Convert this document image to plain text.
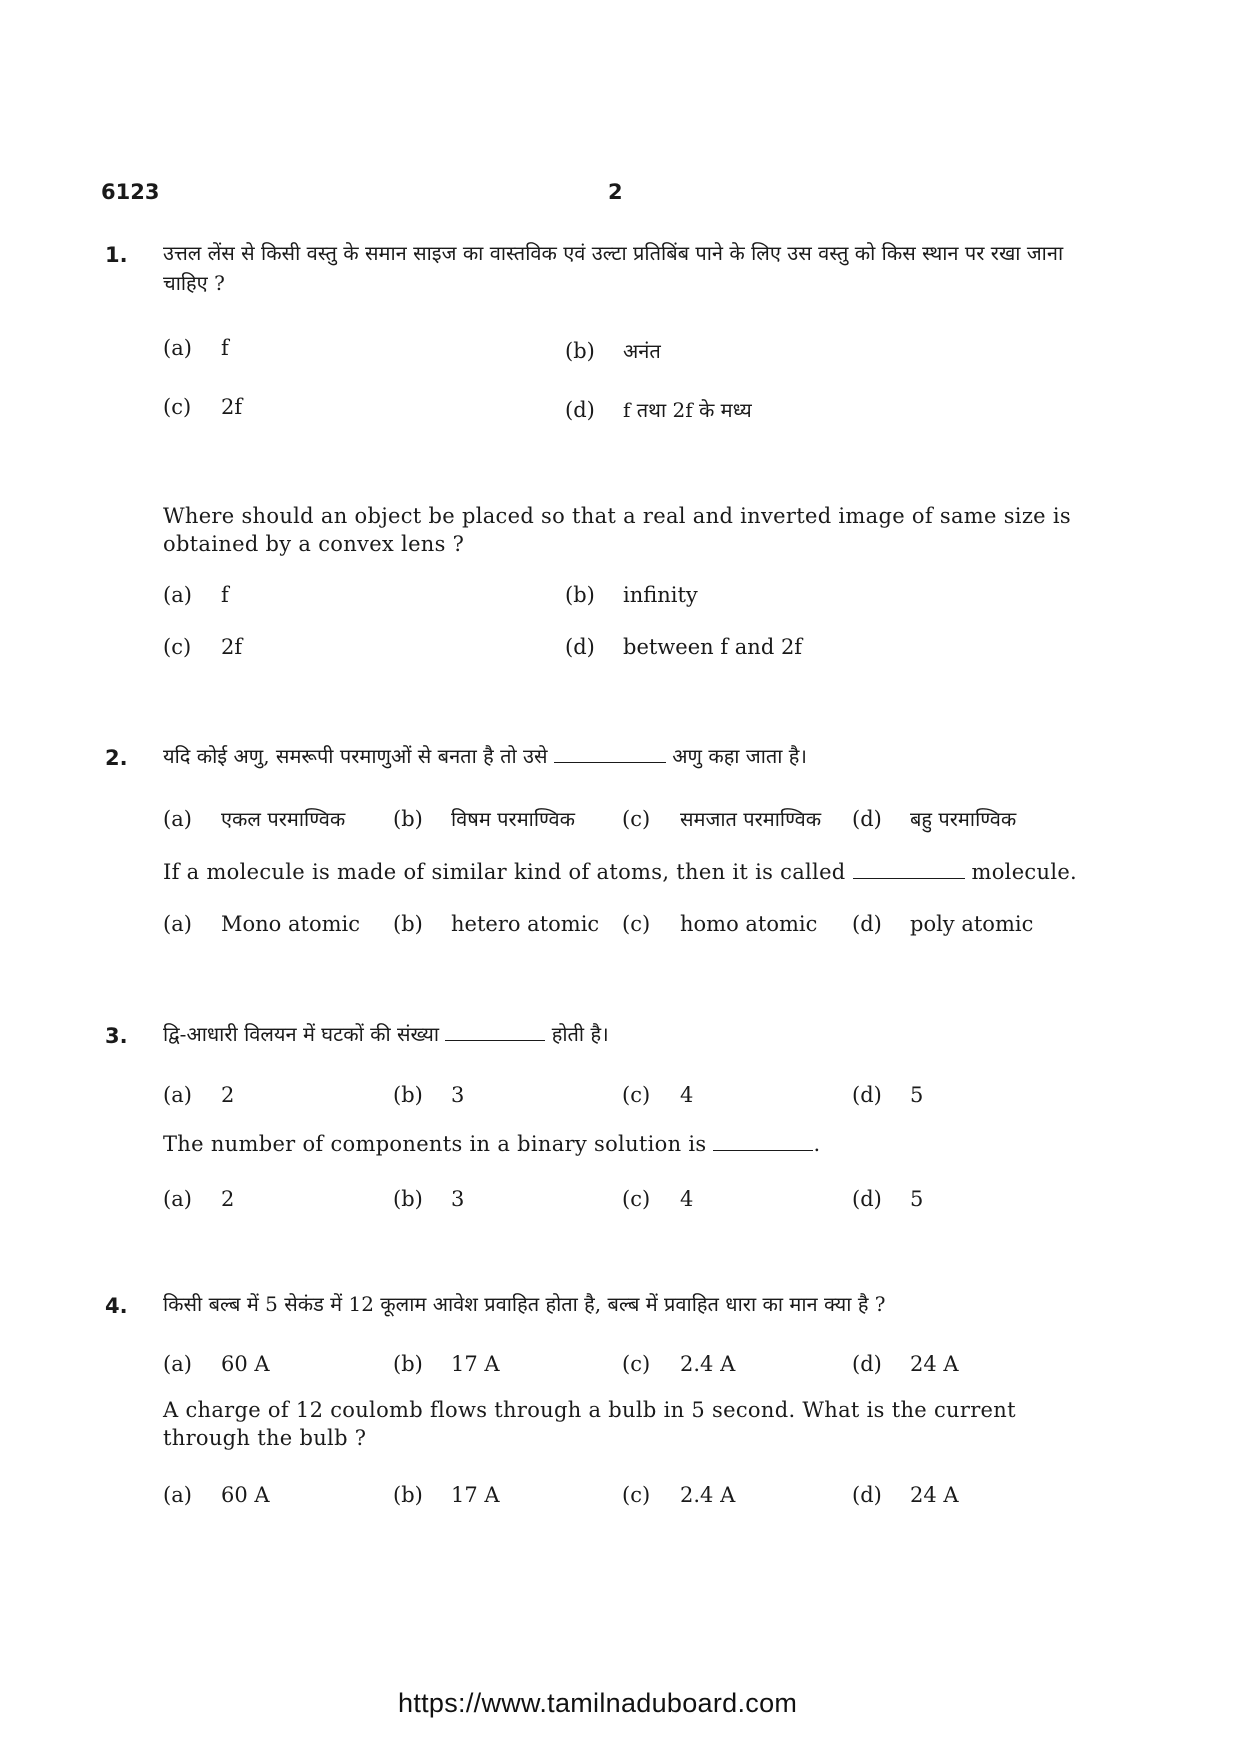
6123	2
1. उत्तल लेंस से किसी वस्तु के समान साइज का वास्तविक एवं उल्टा प्रतिबिंब पाने के लिए उस वस्तु को किस स्थान पर रखा जाना चाहिए ?
(a) f	(b) अनंत
(c) 2f	(d) f तथा 2f के मध्य
Where should an object be placed so that a real and inverted image of same size is obtained by a convex lens ?
(a) f	(b) infinity
(c) 2f	(d) between f and 2f
2. यदि कोई अणु, समरूपी परमाणुओं से बनता है तो उसे	अणु कहा जाता है।
(a) एकल परमाण्विक (b) विषम परमाण्विक (c) समजात परमाण्विक (d) बहु परमाण्विक
If a molecule is made of similar kind of atoms, then it is called	molecule.
(a) Mono atomic (b) hetero atomic (c) homo atomic (d) poly atomic
3. द्वि-आधारी विलयन में घटकों की संख्या	होती है।
(a) 2	(b) 3	(c) 4	(d) 5
The number of components in a binary solution is	.
(a) 2	(b) 3	(c) 4	(d) 5
4. किसी बल्ब में 5 सेकंड में 12 कूलाम आवेश प्रवाहित होता है, बल्ब में प्रवाहित धारा का मान क्या है ?
(a) 60 A	(b) 17 A	(c) 2.4 A	(d) 24 A
A charge of 12 coulomb flows through a bulb in 5 second. What is the current through the bulb ?
(a) 60 A	(b) 17 A	(c) 2.4 A	(d) 24 A
https://www.tamilnaduboard.com
